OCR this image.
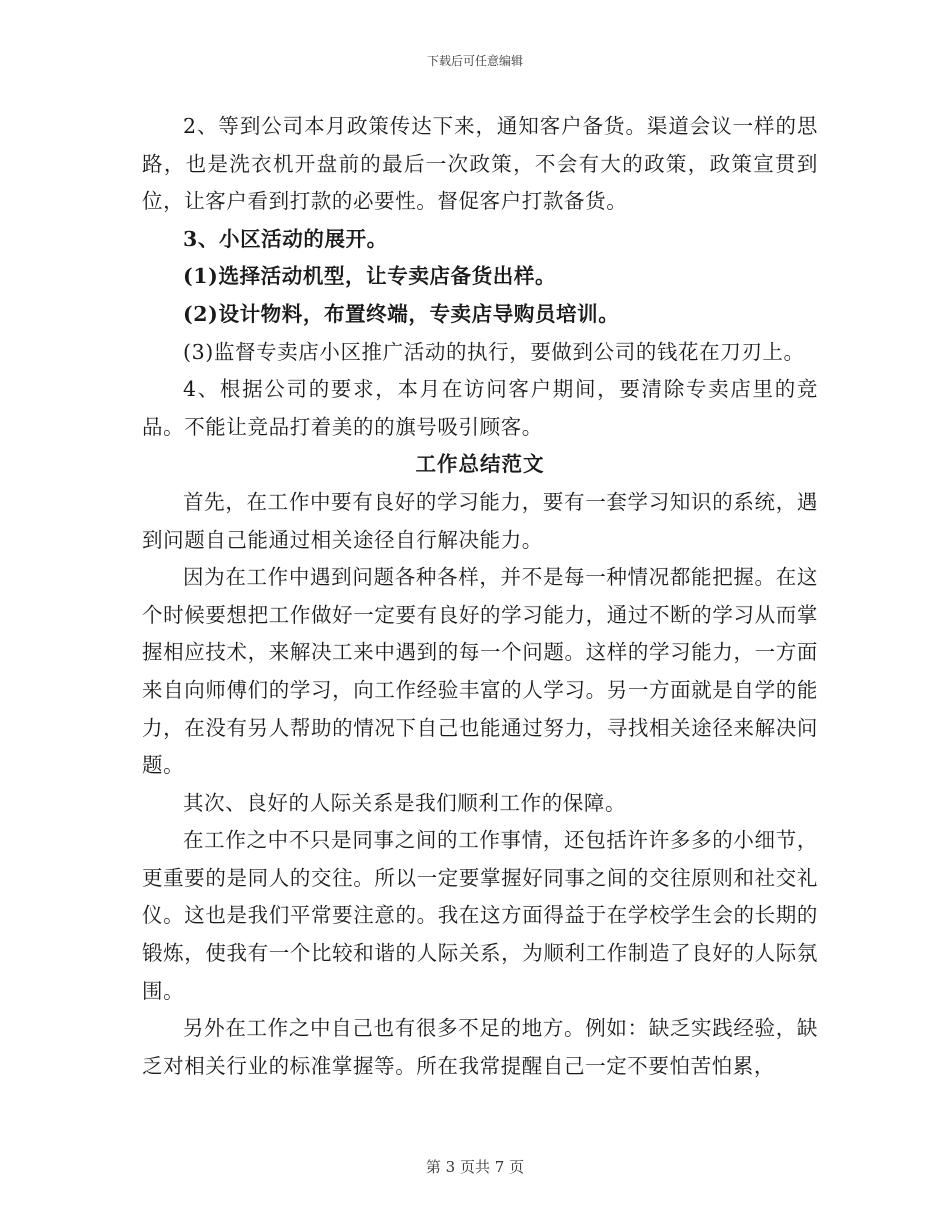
下载后可任意编辑

2、等到公司本月政策传达下来，通知客户备货。渠道会议一样的思路，也是洗衣机开盘前的最后一次政策，不会有大的政策，政策宣贯到位，让客户看到打款的必要性。督促客户打款备货。

3、小区活动的展开。

(1)选择活动机型，让专卖店备货出样。

(2)设计物料，布置终端，专卖店导购员培训。

(3)监督专卖店小区推广活动的执行，要做到公司的钱花在刀刃上。

4、根据公司的要求，本月在访问客户期间，要清除专卖店里的竞品。不能让竞品打着美的的旗号吸引顾客。

工作总结范文

首先，在工作中要有良好的学习能力，要有一套学习知识的系统，遇到问题自己能通过相关途径自行解决能力。

因为在工作中遇到问题各种各样，并不是每一种情况都能把握。在这个时候要想把工作做好一定要有良好的学习能力，通过不断的学习从而掌握相应技术，来解决工来中遇到的每一个问题。这样的学习能力，一方面来自向师傅们的学习，向工作经验丰富的人学习。另一方面就是自学的能力，在没有另人帮助的情况下自己也能通过努力，寻找相关途径来解决问题。

其次、良好的人际关系是我们顺利工作的保障。

在工作之中不只是同事之间的工作事情，还包括许许多多的小细节，更重要的是同人的交往。所以一定要掌握好同事之间的交往原则和社交礼仪。这也是我们平常要注意的。我在这方面得益于在学校学生会的长期的锻炼，使我有一个比较和谐的人际关系，为顺利工作制造了良好的人际氛围。

另外在工作之中自己也有很多不足的地方。例如：缺乏实践经验，缺乏对相关行业的标准掌握等。所在我常提醒自己一定不要怕苦怕累，

第 3 页共 7 页
